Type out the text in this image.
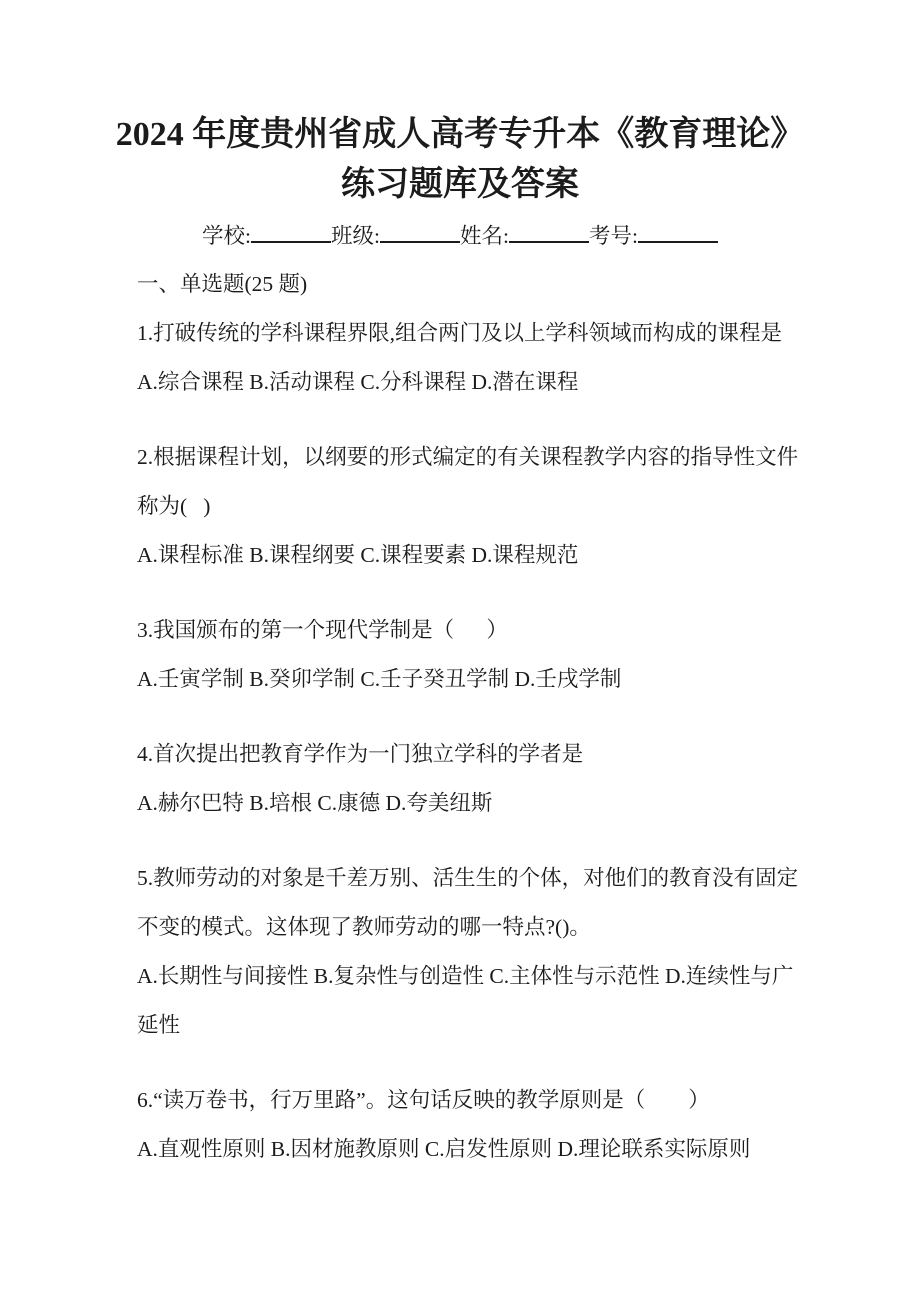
2024 年度贵州省成人高考专升本《教育理论》
练习题库及答案
学校:	班级:	姓名:	考号:

一、单选题(25 题)

1.打破传统的学科课程界限,组合两门及以上学科领域而构成的课程是

A.综合课程 B.活动课程 C.分科课程 D.潜在课程

2.根据课程计划，以纲要的形式编定的有关课程教学内容的指导性文件

称为(   )

A.课程标准 B.课程纲要 C.课程要素 D.课程规范

3.我国颁布的第一个现代学制是（      ）

A.壬寅学制 B.癸卯学制 C.壬子癸丑学制 D.壬戌学制

4.首次提出把教育学作为一门独立学科的学者是

A.赫尔巴特 B.培根 C.康德 D.夸美纽斯

5.教师劳动的对象是千差万别、活生生的个体，对他们的教育没有固定

不变的模式。这体现了教师劳动的哪一特点?()。

A.长期性与间接性 B.复杂性与创造性 C.主体性与示范性 D.连续性与广

延性

6.“读万卷书，行万里路”。这句话反映的教学原则是（        ）

A.直观性原则 B.因材施教原则 C.启发性原则 D.理论联系实际原则
